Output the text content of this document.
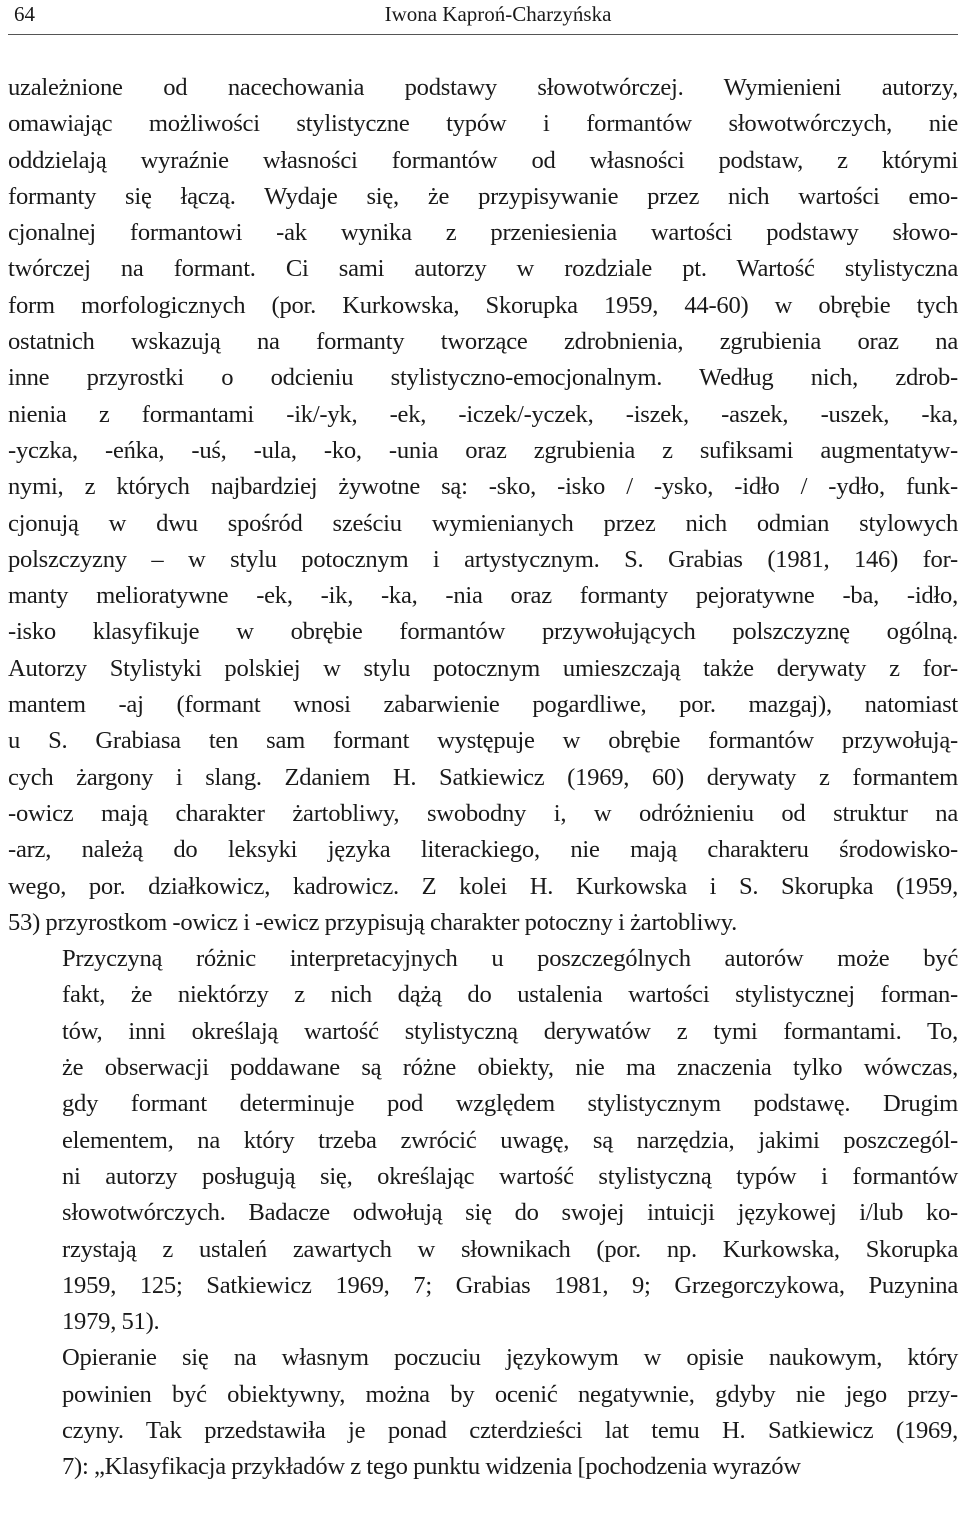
64	Iwona Kaproń-Charzyńska

uzależnione od nacechowania podstawy słowotwórczej. Wymienieni autorzy,
omawiając możliwości stylistyczne typów i formantów słowotwórczych, nie
oddzielają wyraźnie własności formantów od własności podstaw, z którymi
formanty się łączą. Wydaje się, że przypisywanie przez nich wartości emo-
cjonalnej formantowi -ak wynika z przeniesienia wartości podstawy słowo-
twórczej na formant. Ci sami autorzy w rozdziale pt. Wartość stylistyczna
form morfologicznych (por. Kurkowska, Skorupka 1959, 44-60) w obrębie tych
ostatnich wskazują na formanty tworzące zdrobnienia, zgrubienia oraz na
inne przyrostki o odcieniu stylistyczno-emocjonalnym. Według nich, zdrob-
nienia z formantami -ik/-yk, -ek, -iczek/-yczek, -iszek, -aszek, -uszek, -ka,
-yczka, -eńka, -uś, -ula, -ko, -unia oraz zgrubienia z sufiksami augmentatyw-
nymi, z których najbardziej żywotne są: -sko, -isko / -ysko, -idło / -ydło, funk-
cjonują w dwu spośród sześciu wymienianych przez nich odmian stylowych
polszczyzny – w stylu potocznym i artystycznym. S. Grabias (1981, 146) for-
manty melioratywne -ek, -ik, -ka, -nia oraz formanty pejoratywne -ba, -idło,
-isko klasyfikuje w obrębie formantów przywołujących polszczyznę ogólną.
Autorzy Stylistyki polskiej w stylu potocznym umieszczają także derywaty z for-
mantem -aj (formant wnosi zabarwienie pogardliwe, por. mazgaj), natomiast
u S. Grabiasa ten sam formant występuje w obrębie formantów przywołują-
cych żargony i slang. Zdaniem H. Satkiewicz (1969, 60) derywaty z formantem
-owicz mają charakter żartobliwy, swobodny i, w odróżnieniu od struktur na
-arz, należą do leksyki języka literackiego, nie mają charakteru środowisko-
wego, por. działkowicz, kadrowicz. Z kolei H. Kurkowska i S. Skorupka (1959,
53) przyrostkom -owicz i -ewicz przypisują charakter potoczny i żartobliwy.

Przyczyną różnic interpretacyjnych u poszczególnych autorów może być
fakt, że niektórzy z nich dążą do ustalenia wartości stylistycznej forman-
tów, inni określają wartość stylistyczną derywatów z tymi formantami. To,
że obserwacji poddawane są różne obiekty, nie ma znaczenia tylko wówczas,
gdy formant determinuje pod względem stylistycznym podstawę. Drugim
elementem, na który trzeba zwrócić uwagę, są narzędzia, jakimi poszczegól-
ni autorzy posługują się, określając wartość stylistyczną typów i formantów
słowotwórczych. Badacze odwołują się do swojej intuicji językowej i/lub ko-
rzystają z ustaleń zawartych w słownikach (por. np. Kurkowska, Skorupka
1959, 125; Satkiewicz 1969, 7; Grabias 1981, 9; Grzegorczykowa, Puzynina
1979, 51).

Opieranie się na własnym poczuciu językowym w opisie naukowym, który
powinien być obiektywny, można by ocenić negatywnie, gdyby nie jego przy-
czyny. Tak przedstawiła je ponad czterdzieści lat temu H. Satkiewicz (1969,
7): „Klasyfikacja przykładów z tego punktu widzenia [pochodzenia wyrazów
